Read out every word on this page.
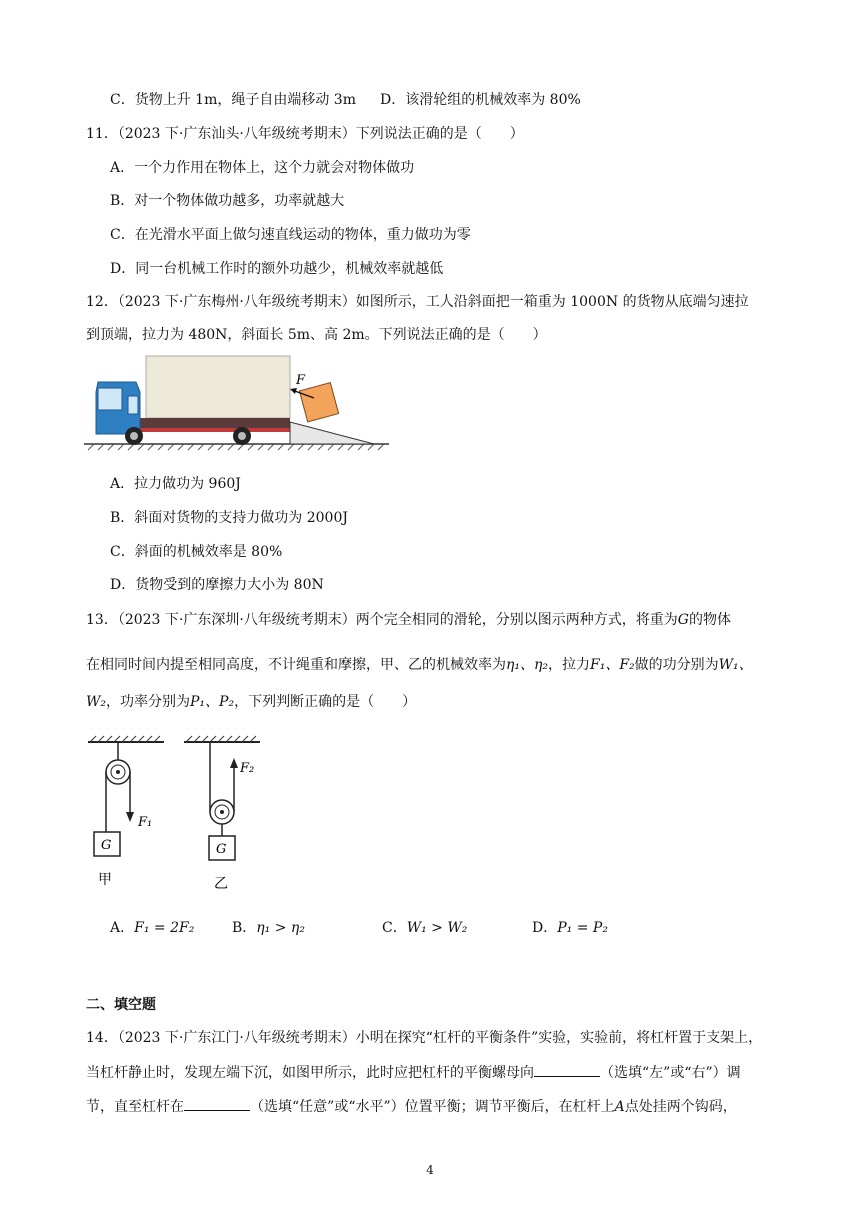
C．货物上升 1m，绳子自由端移动 3m D．该滑轮组的机械效率为 80%
11．（2023 下·广东汕头·八年级统考期末）下列说法正确的是（　　）
A．一个力作用在物体上，这个力就会对物体做功
B．对一个物体做功越多，功率就越大
C．在光滑水平面上做匀速直线运动的物体，重力做功为零
D．同一台机械工作时的额外功越少，机械效率就越低
12．（2023 下·广东梅州·八年级统考期末）如图所示，工人沿斜面把一箱重为 1000N 的货物从底端匀速拉
到顶端，拉力为 480N，斜面长 5m、高 2m。下列说法正确的是（　　）
F
A．拉力做功为 960J
B．斜面对货物的支持力做功为 2000J
C．斜面的机械效率是 80%
D．货物受到的摩擦力大小为 80N
13．（2023 下·广东深圳·八年级统考期末）两个完全相同的滑轮，分别以图示两种方式，将重为G的物体
在相同时间内提至相同高度，不计绳重和摩擦，甲、乙的机械效率为η₁、η₂，拉力F₁、F₂做的功分别为W₁、
W₂，功率分别为P₁、P₂，下列判断正确的是（　　）
F₁
G
甲
F₂
G
乙
A．F₁ = 2F₂	B．η₁ > η₂	C．W₁ > W₂	D．P₁ = P₂
二、填空题
14．（2023 下·广东江门·八年级统考期末）小明在探究“杠杆的平衡条件”实验，实验前，将杠杆置于支架上，
当杠杆静止时，发现左端下沉，如图甲所示，此时应把杠杆的平衡螺母向	（选填“左”或“右”）调
节，直至杠杆在	（选填“任意”或“水平”）位置平衡；调节平衡后，在杠杆上A点处挂两个钩码，
4
